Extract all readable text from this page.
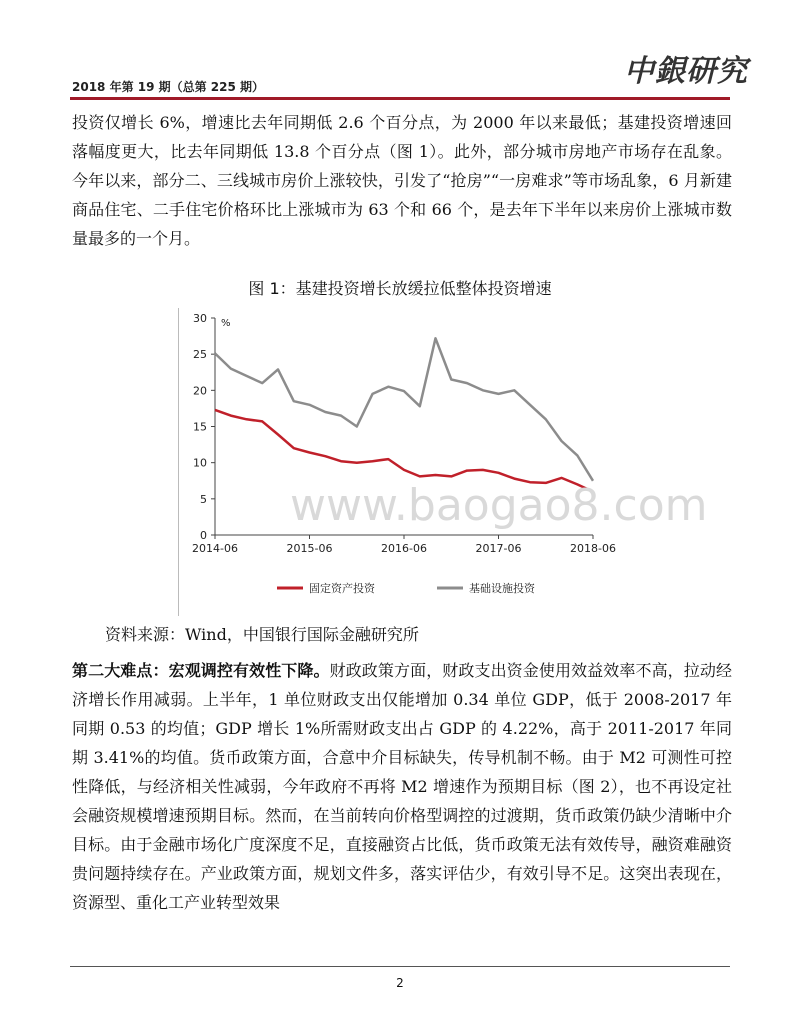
2018 年第 19 期（总第 225 期）	中銀研究

投资仅增长 6%，增速比去年同期低 2.6 个百分点，为 2000 年以来最低；基建投资增速回落幅度更大，比去年同期低 13.8 个百分点（图 1）。此外，部分城市房地产市场存在乱象。今年以来，部分二、三线城市房价上涨较快，引发了“抢房”“一房难求”等市场乱象，6 月新建商品住宅、二手住宅价格环比上涨城市为 63 个和 66 个，是去年下半年以来房价上涨城市数量最多的一个月。

图 1：基建投资增长放缓拉低整体投资增速
0
5
10
15
20
25
30 %
2014-06	2015-06	2016-06	2017-06	2018-06
固定资产投资	基础设施投资
www.baogao8.com
资料来源：Wind，中国银行国际金融研究所

第二大难点：宏观调控有效性下降。财政政策方面，财政支出资金使用效益效率不高，拉动经济增长作用减弱。上半年，1 单位财政支出仅能增加 0.34 单位 GDP，低于 2008-2017 年同期 0.53 的均值；GDP 增长 1%所需财政支出占 GDP 的 4.22%，高于 2011-2017 年同期 3.41%的均值。货币政策方面，合意中介目标缺失，传导机制不畅。由于 M2 可测性可控性降低，与经济相关性减弱，今年政府不再将 M2 增速作为预期目标（图 2），也不再设定社会融资规模增速预期目标。然而，在当前转向价格型调控的过渡期，货币政策仍缺少清晰中介目标。由于金融市场化广度深度不足，直接融资占比低，货币政策无法有效传导，融资难融资贵问题持续存在。产业政策方面，规划文件多，落实评估少，有效引导不足。这突出表现在，资源型、重化工产业转型效果

2
